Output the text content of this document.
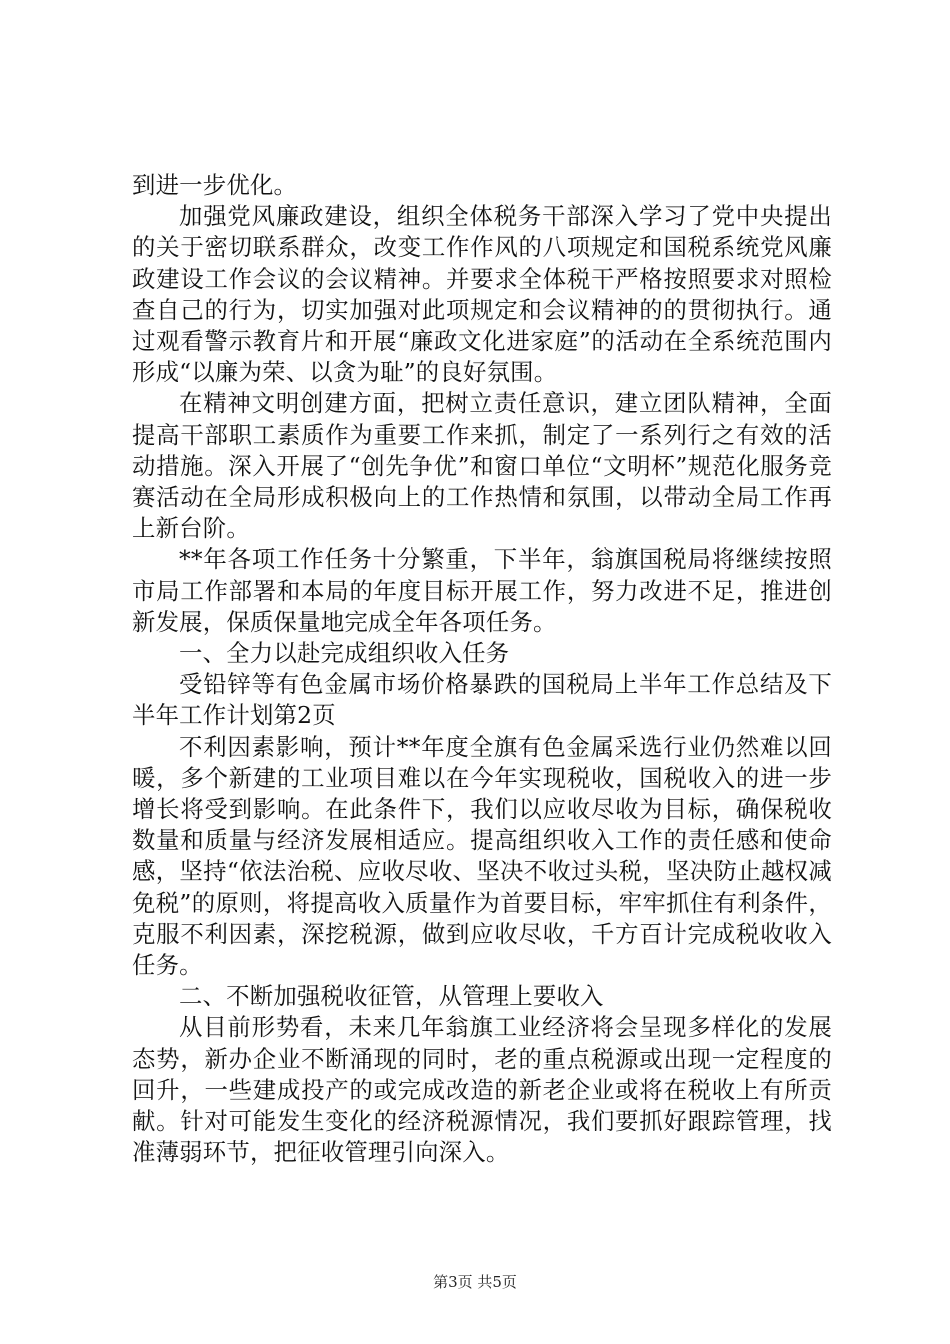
到进一步优化。

加强党风廉政建设，组织全体税务干部深入学习了党中央提出的关于密切联系群众，改变工作作风的八项规定和国税系统党风廉政建设工作会议的会议精神。并要求全体税干严格按照要求对照检查自己的行为，切实加强对此项规定和会议精神的的贯彻执行。通过观看警示教育片和开展“廉政文化进家庭”的活动在全系统范围内形成“以廉为荣、以贪为耻”的良好氛围。

在精神文明创建方面，把树立责任意识，建立团队精神，全面提高干部职工素质作为重要工作来抓，制定了一系列行之有效的活动措施。深入开展了“创先争优”和窗口单位“文明杯”规范化服务竞赛活动在全局形成积极向上的工作热情和氛围，以带动全局工作再上新台阶。

**年各项工作任务十分繁重，下半年，翁旗国税局将继续按照市局工作部署和本局的年度目标开展工作，努力改进不足，推进创新发展，保质保量地完成全年各项任务。

一、全力以赴完成组织收入任务

受铅锌等有色金属市场价格暴跌的国税局上半年工作总结及下半年工作计划第2页

不利因素影响，预计**年度全旗有色金属采选行业仍然难以回暖，多个新建的工业项目难以在今年实现税收，国税收入的进一步增长将受到影响。在此条件下，我们以应收尽收为目标，确保税收数量和质量与经济发展相适应。提高组织收入工作的责任感和使命感，坚持“依法治税、应收尽收、坚决不收过头税，坚决防止越权减免税”的原则，将提高收入质量作为首要目标，牢牢抓住有利条件，克服不利因素，深挖税源，做到应收尽收，千方百计完成税收收入任务。

二、不断加强税收征管，从管理上要收入

从目前形势看，未来几年翁旗工业经济将会呈现多样化的发展态势，新办企业不断涌现的同时，老的重点税源或出现一定程度的回升，一些建成投产的或完成改造的新老企业或将在税收上有所贡献。针对可能发生变化的经济税源情况，我们要抓好跟踪管理，找准薄弱环节，把征收管理引向深入。

第3页 共5页
